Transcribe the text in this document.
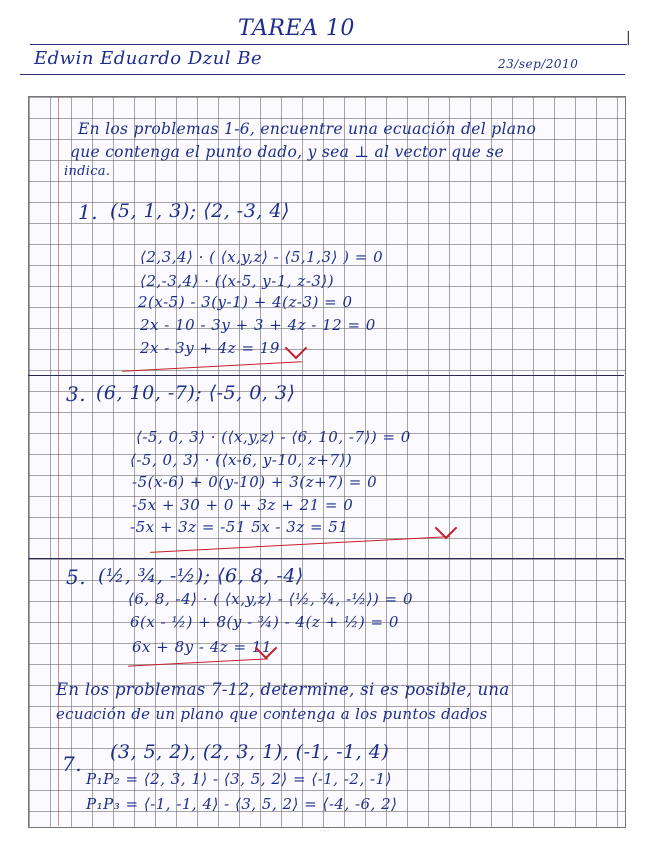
|
TAREA 10
Edwin Eduardo Dzul Be	23/sep/2010
En los problemas 1-6, encuentre una ecuación del plano
que contenga el punto dado, y sea ⊥ al vector que se
indica.
1. (5, 1, 3); ⟨2, -3, 4⟩
⟨2,3,4⟩ · ( ⟨x,y,z⟩ - ⟨5,1,3⟩ ) = 0
⟨2,-3,4⟩ · (⟨x-5, y-1, z-3⟩)
2(x-5) - 3(y-1) + 4(z-3) = 0
2x - 10 - 3y + 3 + 4z - 12 = 0
2x - 3y + 4z = 19
3. (6, 10, -7); ⟨-5, 0, 3⟩
⟨-5, 0, 3⟩ · (⟨x,y,z⟩ - ⟨6, 10, -7⟩) = 0
⟨-5, 0, 3⟩ · (⟨x-6, y-10, z+7⟩)
-5(x-6) + 0(y-10) + 3(z+7) = 0
-5x + 30 + 0 + 3z + 21 = 0
-5x + 3z = -51 5x - 3z = 51
5. (½, ¾, -½); ⟨6, 8, -4⟩
⟨6, 8, -4⟩ · ( ⟨x,y,z⟩ - ⟨½, ¾, -½⟩) = 0
6(x - ½) + 8(y - ¾) - 4(z + ½) = 0
6x + 8y - 4z = 11
En los problemas 7-12, determine, si es posible, una
ecuación de un plano que contenga a los puntos dados
7. (3, 5, 2), (2, 3, 1), (-1, -1, 4)
P₁P₂ = ⟨2, 3, 1⟩ - ⟨3, 5, 2⟩ = ⟨-1, -2, -1⟩
P₁P₃ = ⟨-1, -1, 4⟩ - ⟨3, 5, 2⟩ = ⟨-4, -6, 2⟩
· · ·
